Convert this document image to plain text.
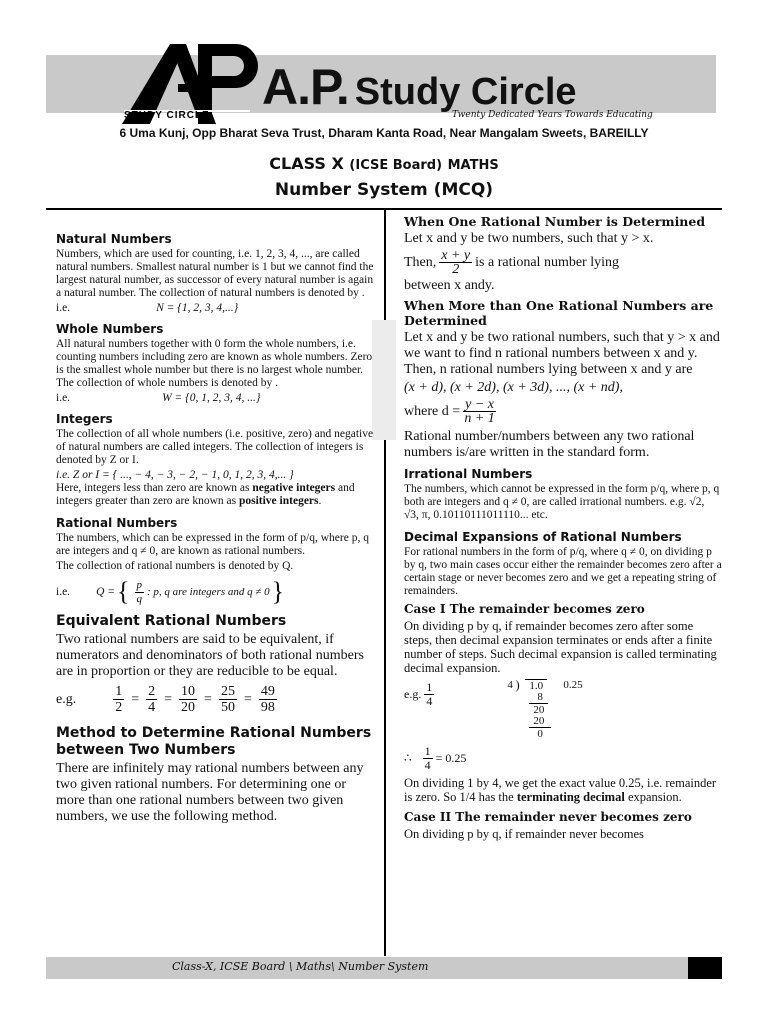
STUDY CIRCLE
A.P. Study Circle
Twenty Dedicated Years Towards Educating
6 Uma Kunj, Opp Bharat Seva Trust, Dharam Kanta Road, Near Mangalam Sweets, BAREILLY
CLASS X (ICSE Board) MATHS
Number System (MCQ)
Natural Numbers

Numbers, which are used for counting, i.e. 1, 2, 3, 4, ..., are called natural numbers. Smallest natural number is 1 but we cannot find the largest natural number, as successor of every natural number is again a natural number. The collection of natural numbers is denoted by .

i.e.	N = {1, 2, 3, 4,...}
Whole Numbers

All natural numbers together with 0 form the whole numbers, i.e. counting numbers including zero are known as whole numbers. Zero is the smallest whole number but there is no largest whole number. The collection of whole numbers is denoted by .

i.e.	W = {0, 1, 2, 3, 4, ...}
Integers

The collection of all whole numbers (i.e. positive, zero) and negative of natural numbers are called integers. The collection of integers is denoted by Z or I.

i.e. Z or I = { ..., − 4, − 3, − 2, − 1, 0, 1, 2, 3, 4,... }

Here, integers less than zero are known as negative integers and integers greater than zero are known as positive integers.

Rational Numbers

The numbers, which can be expressed in the form of p/q, where p, q are integers and q ≠ 0, are known as rational numbers.

The collection of rational numbers is denoted by Q.

i.e. Q = { $\frac{p}{q}$ : p, q are integers and q ≠ 0 }
Equivalent Rational Numbers

Two rational numbers are said to be equivalent, if numerators and denominators of both rational numbers are in proportion or they are reducible to be equal.

e.g.	$\frac{1}{2} = \frac{2}{4} = \frac{10}{20} = \frac{25}{50} = \frac{49}{98}$
Method to Determine Rational Numbers between Two Numbers

There are infinitely may rational numbers between any two given rational numbers. For determining one or more than one rational numbers between two given numbers, we use the following method.

When One Rational Number is Determined

Let x and y be two numbers, such that y > x.

Then, $\frac{x + y}{2}$ is a rational number lying

between x andy.

When More than One Rational Numbers are Determined

Let x and y be two rational numbers, such that y > x and we want to find n rational numbers between x and y. Then, n rational numbers lying between x and y are

(x + d), (x + 2d), (x + 3d), ..., (x + nd),

where $d = \frac{y - x}{n + 1}$

Rational number/numbers between any two rational numbers is/are written in the standard form.

Irrational Numbers

The numbers, which cannot be expressed in the form p/q, where p, q both are integers and q ≠ 0, are called irrational numbers. e.g. √2, √3, π, 0.10110111011110... etc.

Decimal Expansions of Rational Numbers

For rational numbers in the form of p/q, where q ≠ 0, on dividing p by q, two main cases occur either the remainder becomes zero after a certain stage or never becomes zero and we get a repeating string of remainders.

Case I The remainder becomes zero

On dividing p by q, if remainder becomes zero after some steps, then decimal expansion terminates or ends after a finite number of steps. Such decimal expansion is called terminating decimal expansion.

e.g. $\frac{1}{4}$	4 ) 1.0	0.25
8
20
20
0
∴ $\frac{1}{4} = 0.25$

On dividing 1 by 4, we get the exact value 0.25, i.e. remainder is zero. So 1/4 has the terminating decimal expansion.

Case II The remainder never becomes zero

On dividing p by q, if remainder never becomes

Class-X, ICSE Board \ Maths\ Number System
